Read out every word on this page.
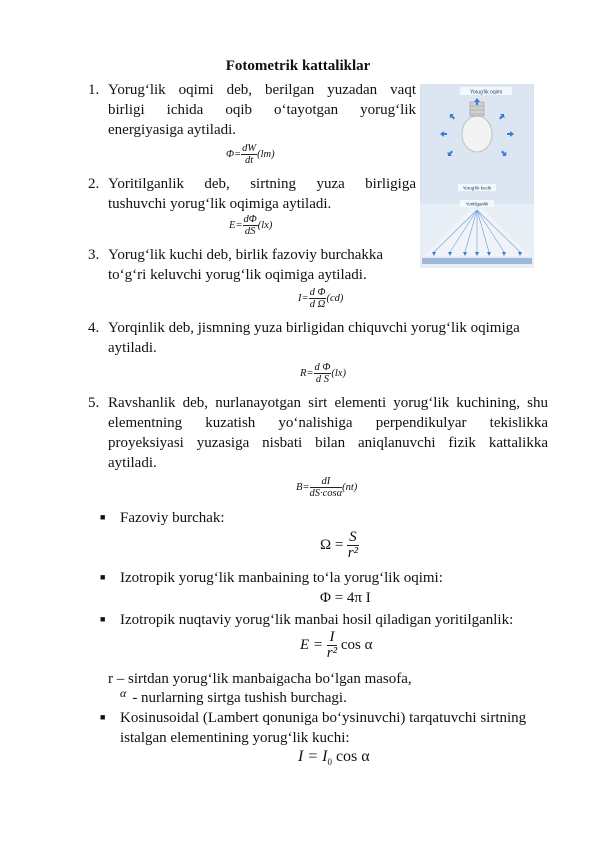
Fotometrik kattaliklar
1. Yorug‘lik oqimi deb, berilgan yuzadan vaqt
birligi ichida oqib o‘tayotgan yorug‘lik
energiyasiga aytiladi.
$\Phi= \frac{dW}{dt} (lm)$
2. Yoritilganlik deb, sirtning yuza birligiga
tushuvchi yorug‘lik oqimiga aytiladi.
$E= \frac{d\Phi}{dS} (lx)$
3. Yorug‘lik kuchi deb, birlik fazoviy burchakka
to‘g‘ri keluvchi yorug‘lik oqimiga aytiladi.
$I= \frac{\text{d Φ}}{\text{d Ω}} (cd)$
4. Yorqinlik deb, jismning yuza birligidan chiquvchi yorug‘lik oqimiga
aytiladi.
$R= \frac{\text{d Φ}}{\text{d S}} (lx)$
5. Ravshanlik deb, nurlanayotgan sirt elementi yorug‘lik kuchining, shu
elementning kuzatish yo‘nalishiga perpendikulyar tekislikka
proyeksiyasi yuzasiga nisbati bilan aniqlanuvchi fizik kattalikka
aytiladi.
$B= \frac{dI}{dS\cdot\cos\alpha} (nt)$
■ Fazoviy burchak:
$\Omega = \frac{S}{\text{r²}}$
■ Izotropik yorug‘lik manbaining to‘la yorug‘lik oqimi:
Φ = 4π I
■ Izotropik nuqtaviy yorug‘lik manbai hosil qiladigan yoritilganlik:
$E = \frac{I}{\text{r²}}$ cos α
r – sirtdan yorug‘lik manbaigacha bo‘lgan masofa,
$^\alpha$ - nurlarning sirtga tushish burchagi.
■ Kosinusoidal (Lambert qonuniga bo‘ysinuvchi) tarqatuvchi sirtning
istalgan elementining yorug‘lik kuchi:
$I = I_0$ cos α
Yorug‘lik oqimi
Yorug‘lik kuchi
Yoritilganlik
